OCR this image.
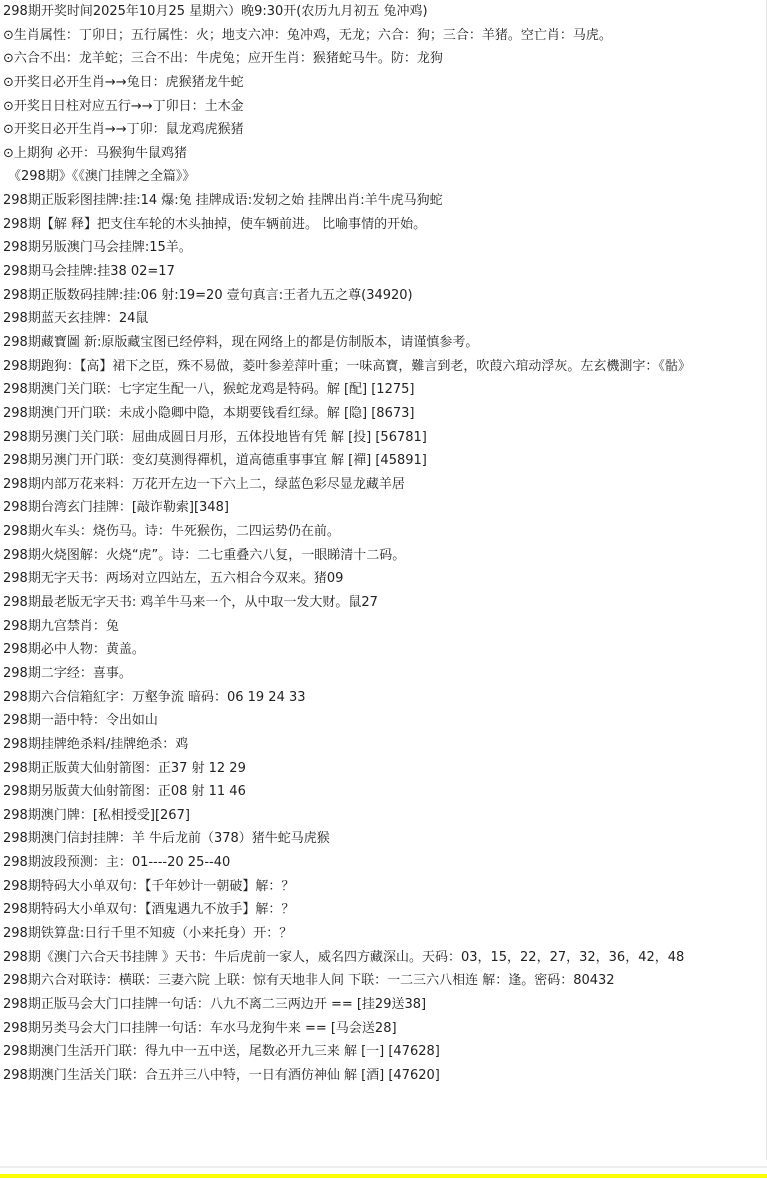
298期开奖时间2025年10月25 星期六）晚9:30开(农历九月初五 兔冲鸡)
⊙生肖属性：丁卯日；五行属性：火；地支六冲：兔冲鸡，无龙；六合：狗；三合：羊猪。空亡肖：马虎。
⊙六合不出：龙羊蛇；三合不出：牛虎兔；应开生肖：猴猪蛇马牛。防：龙狗
⊙开奖日必开生肖→→兔日：虎猴猪龙牛蛇
⊙开奖日日柱对应五行→→丁卯日：土木金
⊙开奖日必开生肖→→丁卯：鼠龙鸡虎猴猪
⊙上期狗 必开：马猴狗牛鼠鸡猪
《298期》《《澳门挂牌之全篇》》
298期正版彩图挂牌:挂:14 爆:兔 挂牌成语:发轫之始 挂牌出肖:羊牛虎马狗蛇
298期【解 释】把支住车轮的木头抽掉，使车辆前进。 比喻事情的开始。
298期另版澳门马会挂牌:15羊。
298期马会挂牌:挂38 02=17
298期正版数码挂牌:挂:06 射:19=20 壹句真言:王者九五之尊(34920)
298期蓝天玄挂牌：24鼠
298期藏寶圖 新:原版藏宝图已经停料，现在网络上的都是仿制版本，请谨慎参考。
298期跑狗：【高】裙下之臣，殊不易做，菱叶参差萍叶重；一味高寶，難言到老，吹葭六琯动浮灰。左玄機測字：《骷》
298期澳门关门联：七字定生配一八，猴蛇龙鸡是特码。解 [配] [1275]
298期澳门开门联：未成小隐卿中隐，本期要钱看红绿。解 [隐] [8673]
298期另澳门关门联：屈曲成圆日月形，五体投地皆有凭 解 [投] [56781]
298期另澳门开门联：变幻莫测得禪机，道高德重事事宜 解 [禪] [45891]
298期内部万花来料：万花开左边一下六上二，绿蓝色彩尽显龙藏羊居
298期台湾玄门挂牌：[敲诈勒索][348]
298期火车头：烧伤马。诗：牛死猴伤，二四运势仍在前。
298期火烧图解：火烧“虎”。诗：二七重叠六八复，一眼睇清十二码。
298期无字天书：两场对立四站左，五六相合今双来。猪09
298期最老版无字天书: 鸡羊牛马来一个，从中取一发大财。鼠27
298期九宫禁肖：兔
298期必中人物：黄盖。
298期二字经：喜事。
298期六合信箱紅字：万壑争流 暗码：06 19 24 33
298期一語中特：令出如山
298期挂牌绝杀料/挂牌绝杀：鸡
298期正版黄大仙射箭图：正37 射 12 29
298期另版黄大仙射箭图：正08 射 11 46
298期澳门牌：[私相授受][267]
298期澳门信封挂牌：羊 牛后龙前（378）猪牛蛇马虎猴
298期波段预测：主：01----20 25--40
298期特码大小单双句：【千年妙计一朝破】解：？
298期特码大小单双句：【酒鬼遇九不放手】解：？
298期铁算盘:日行千里不知疲（小来托身）开：？
298期《澳门六合天书挂牌 》天书：牛后虎前一家人，威名四方藏深山。天码：03，15，22，27，32，36，42，48
298期六合对联诗：横联：三妻六院 上联：惊有天地非人间 下联：一二三六八相连 解：逢。密码：80432
298期正版马会大门口挂牌一句话：八九不离二三两边开 == [挂29送38]
298期另类马会大门口挂牌一句话：车水马龙狗牛来 == [马会送28]
298期澳门生活开门联：得九中一五中送，尾数必开九三来 解 [一] [47628]
298期澳门生活关门联：合五并三八中特，一日有酒仿神仙 解 [酒] [47620]
